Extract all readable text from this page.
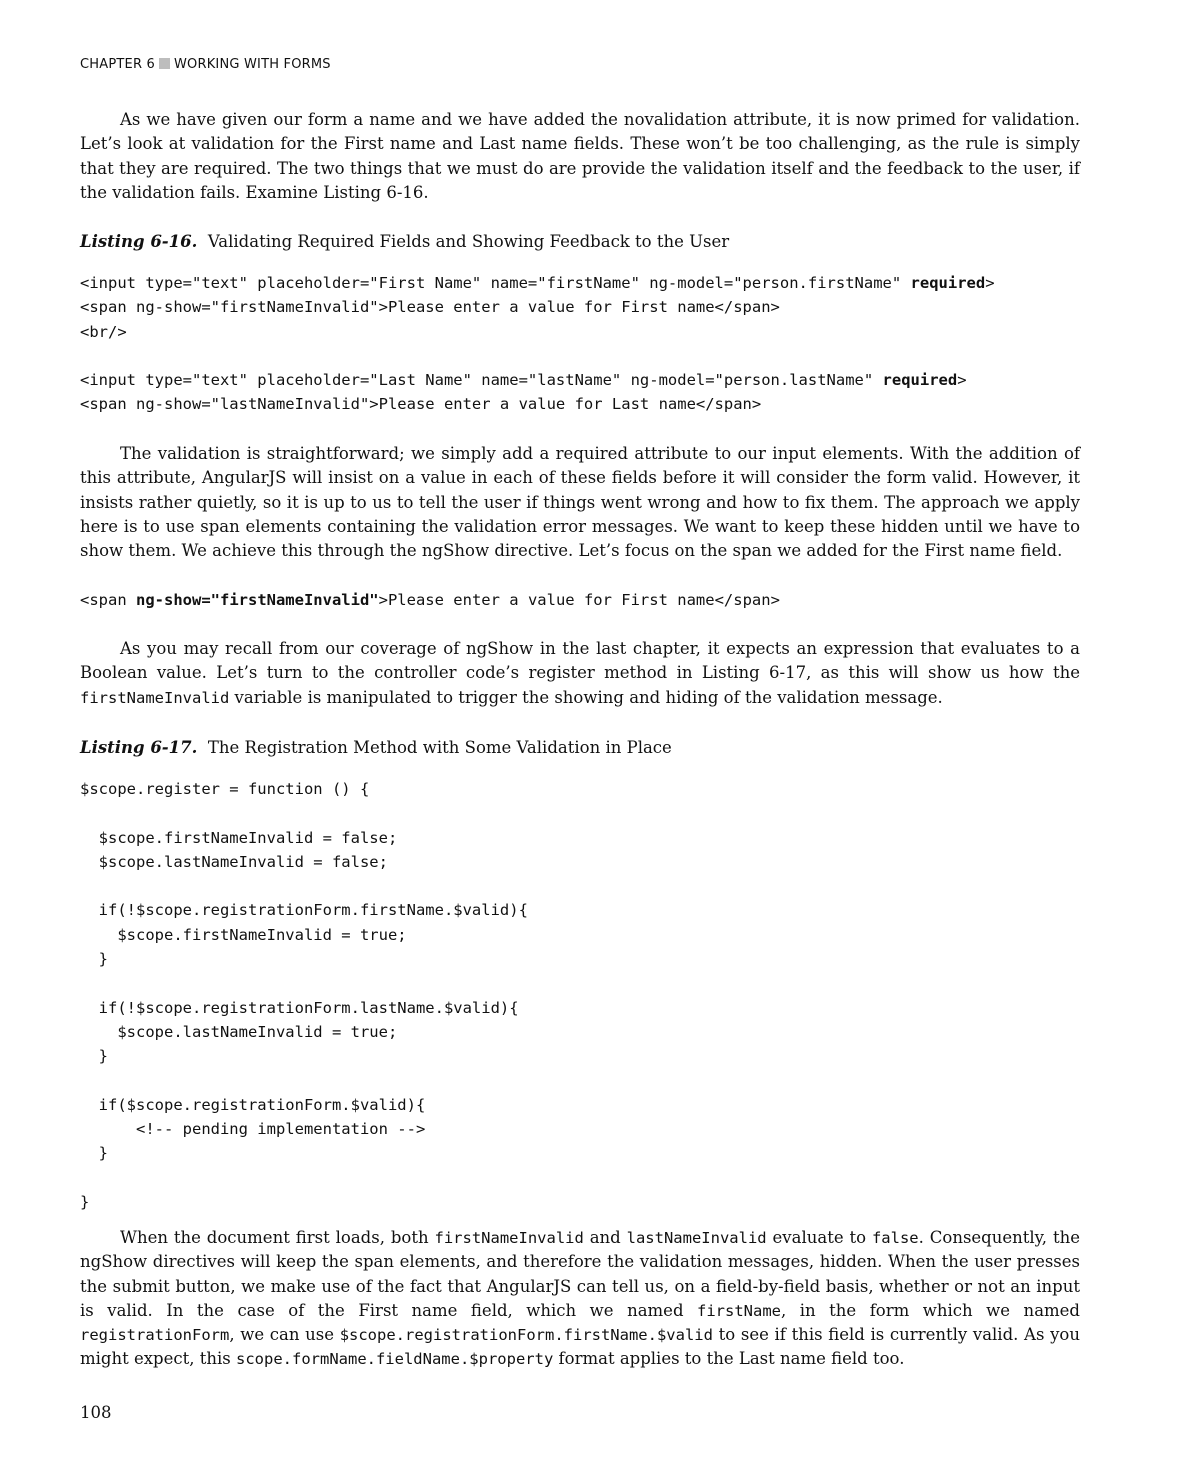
CHAPTER 6 WORKING WITH FORMS

As we have given our form a name and we have added the novalidation attribute, it is now primed for validation. Let’s look at validation for the First name and Last name fields. These won’t be too challenging, as the rule is simply that they are required. The two things that we must do are provide the validation itself and the feedback to the user, if the validation fails. Examine Listing 6-16.

Listing 6-16. Validating Required Fields and Showing Feedback to the User
<input type="text" placeholder="First Name" name="firstName" ng-model="person.firstName" required>
<span ng-show="firstNameInvalid">Please enter a value for First name</span>
<br/>

<input type="text" placeholder="Last Name" name="lastName" ng-model="person.lastName" required>
<span ng-show="lastNameInvalid">Please enter a value for Last name</span>

The validation is straightforward; we simply add a required attribute to our input elements. With the addition of this attribute, AngularJS will insist on a value in each of these fields before it will consider the form valid. However, it insists rather quietly, so it is up to us to tell the user if things went wrong and how to fix them. The approach we apply here is to use span elements containing the validation error messages. We want to keep these hidden until we have to show them. We achieve this through the ngShow directive. Let’s focus on the span we added for the First name field.

<span ng-show="firstNameInvalid">Please enter a value for First name</span>

As you may recall from our coverage of ngShow in the last chapter, it expects an expression that evaluates to a Boolean value. Let’s turn to the controller code’s register method in Listing 6-17, as this will show us how the firstNameInvalid variable is manipulated to trigger the showing and hiding of the validation message.

Listing 6-17. The Registration Method with Some Validation in Place
$scope.register = function () {

$scope.firstNameInvalid = false;
$scope.lastNameInvalid = false;

if(!$scope.registrationForm.firstName.$valid){
$scope.firstNameInvalid = true;
}

if(!$scope.registrationForm.lastName.$valid){
$scope.lastNameInvalid = true;
}

if($scope.registrationForm.$valid){
<!-- pending implementation -->
}

}

When the document first loads, both firstNameInvalid and lastNameInvalid evaluate to false. Consequently, the ngShow directives will keep the span elements, and therefore the validation messages, hidden. When the user presses the submit button, we make use of the fact that AngularJS can tell us, on a field-by-field basis, whether or not an input is valid. In the case of the First name field, which we named firstName, in the form which we named registrationForm, we can use $scope.registrationForm.firstName.$valid to see if this field is currently valid. As you might expect, this scope.formName.fieldName.$property format applies to the Last name field too.

108
